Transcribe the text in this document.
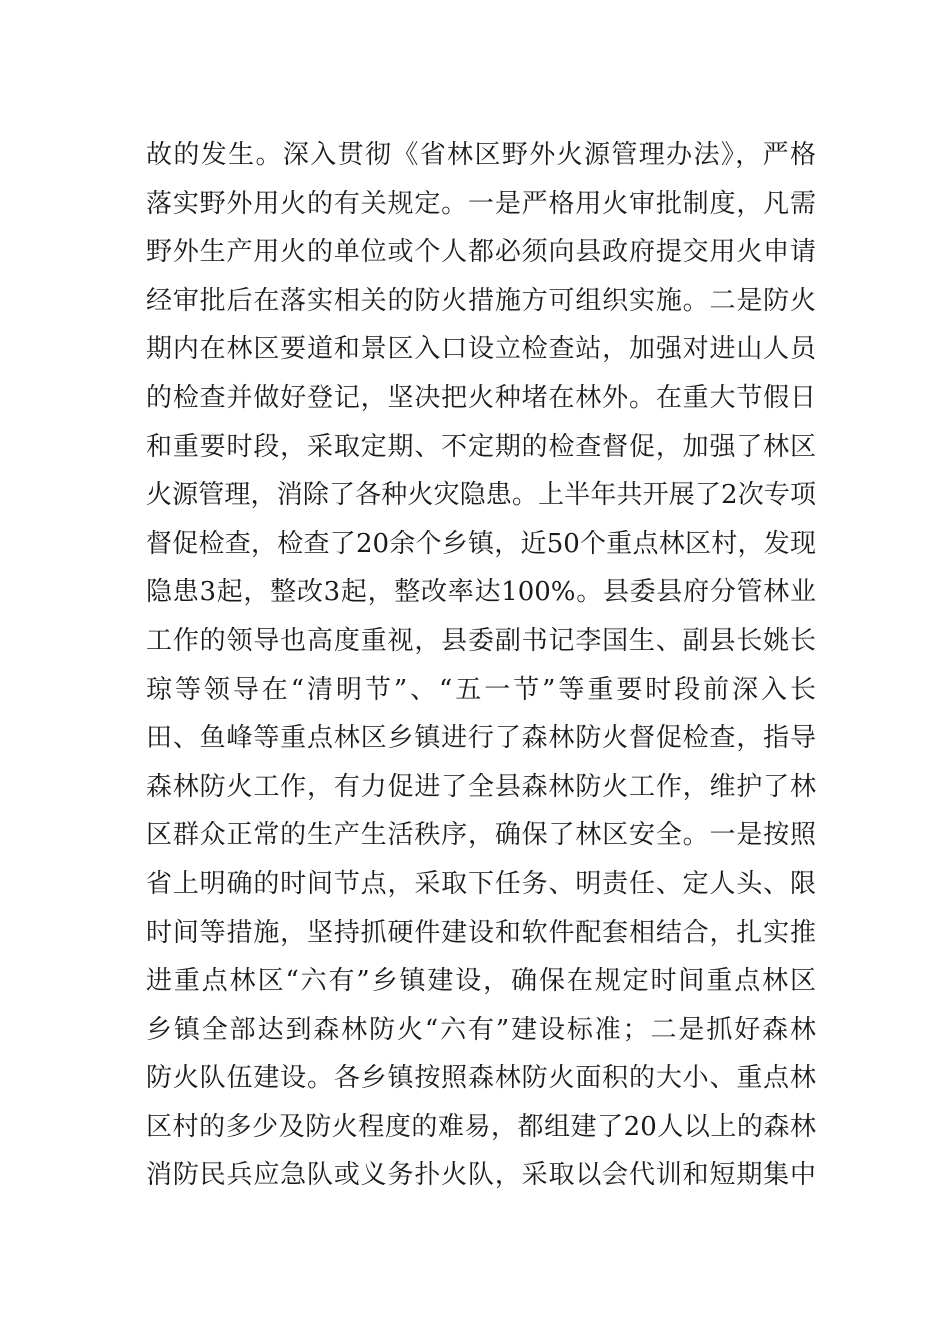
故的发生。深入贯彻《省林区野外火源管理办法》，严格
落实野外用火的有关规定。一是严格用火审批制度，凡需
野外生产用火的单位或个人都必须向县政府提交用火申请
经审批后在落实相关的防火措施方可组织实施。二是防火
期内在林区要道和景区入口设立检查站，加强对进山人员
的检查并做好登记，坚决把火种堵在林外。在重大节假日
和重要时段，采取定期、不定期的检查督促，加强了林区
火源管理，消除了各种火灾隐患。上半年共开展了2次专项
督促检查，检查了20余个乡镇，近50个重点林区村，发现
隐患3起，整改3起，整改率达100%。县委县府分管林业
工作的领导也高度重视，县委副书记李国生、副县长姚长
琼等领导在“清明节”、“五一节”等重要时段前深入长
田、鱼峰等重点林区乡镇进行了森林防火督促检查，指导
森林防火工作，有力促进了全县森林防火工作，维护了林
区群众正常的生产生活秩序，确保了林区安全。一是按照
省上明确的时间节点，采取下任务、明责任、定人头、限
时间等措施，坚持抓硬件建设和软件配套相结合，扎实推
进重点林区“六有”乡镇建设，确保在规定时间重点林区
乡镇全部达到森林防火“六有”建设标准；二是抓好森林
防火队伍建设。各乡镇按照森林防火面积的大小、重点林
区村的多少及防火程度的难易，都组建了20人以上的森林
消防民兵应急队或义务扑火队，采取以会代训和短期集中
